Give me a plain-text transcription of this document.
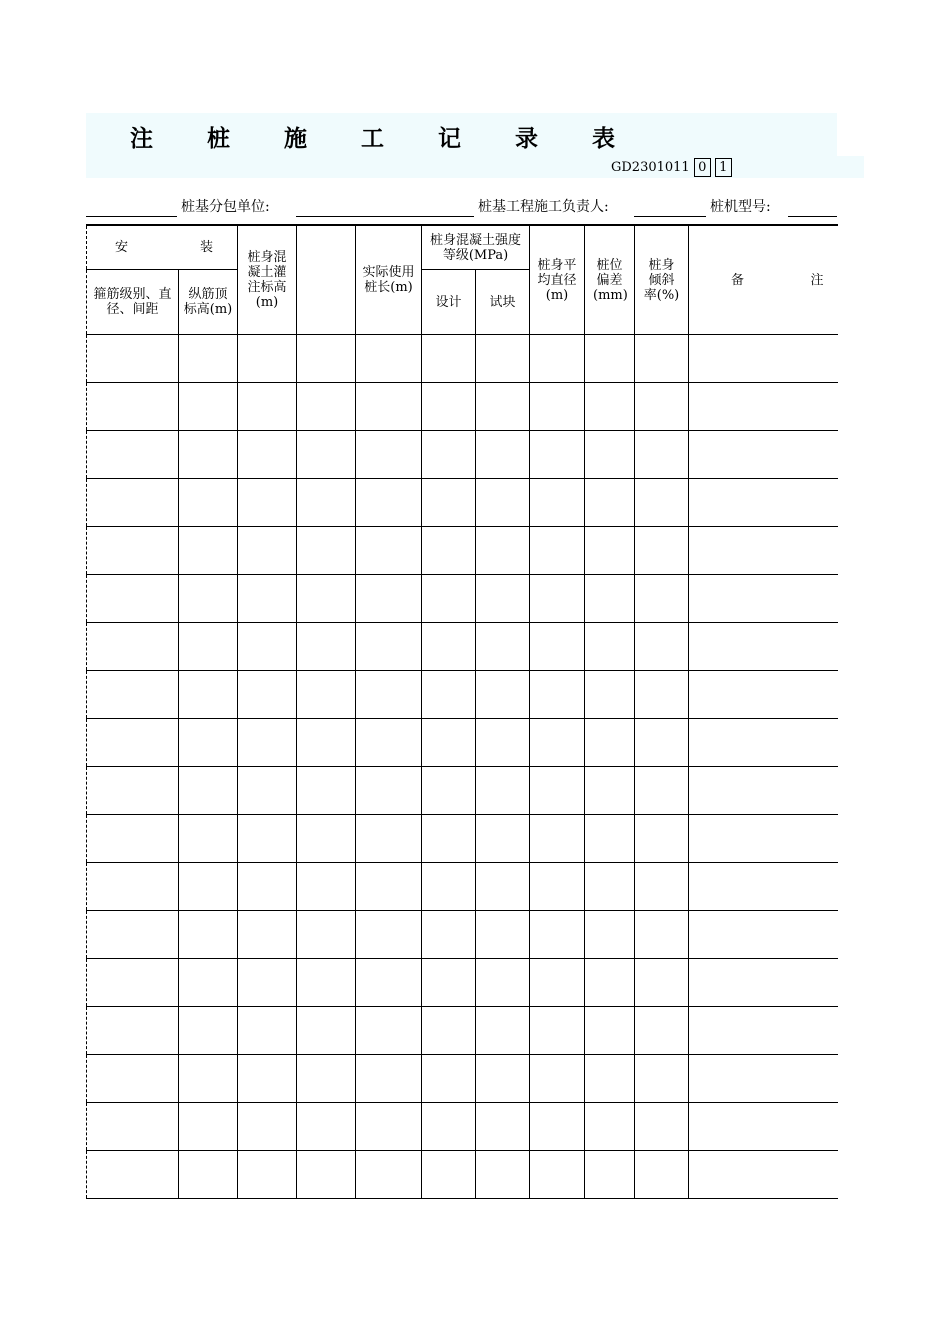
注 桩 施 工 记 录 表
GD2301011 0 1
桩基分包单位:	桩基工程施工负责人:	桩机型号:
安 装		桩身混凝土灌注标高(m)		实际使用桩长(m)	桩身混凝土强度等级(MPa)		桩身平均直径(m)	桩位偏差(mm)	桩身倾斜率(%)	备 注

箍筋级别、直径、间距	纵筋顶标高(m)				设计	试块				
